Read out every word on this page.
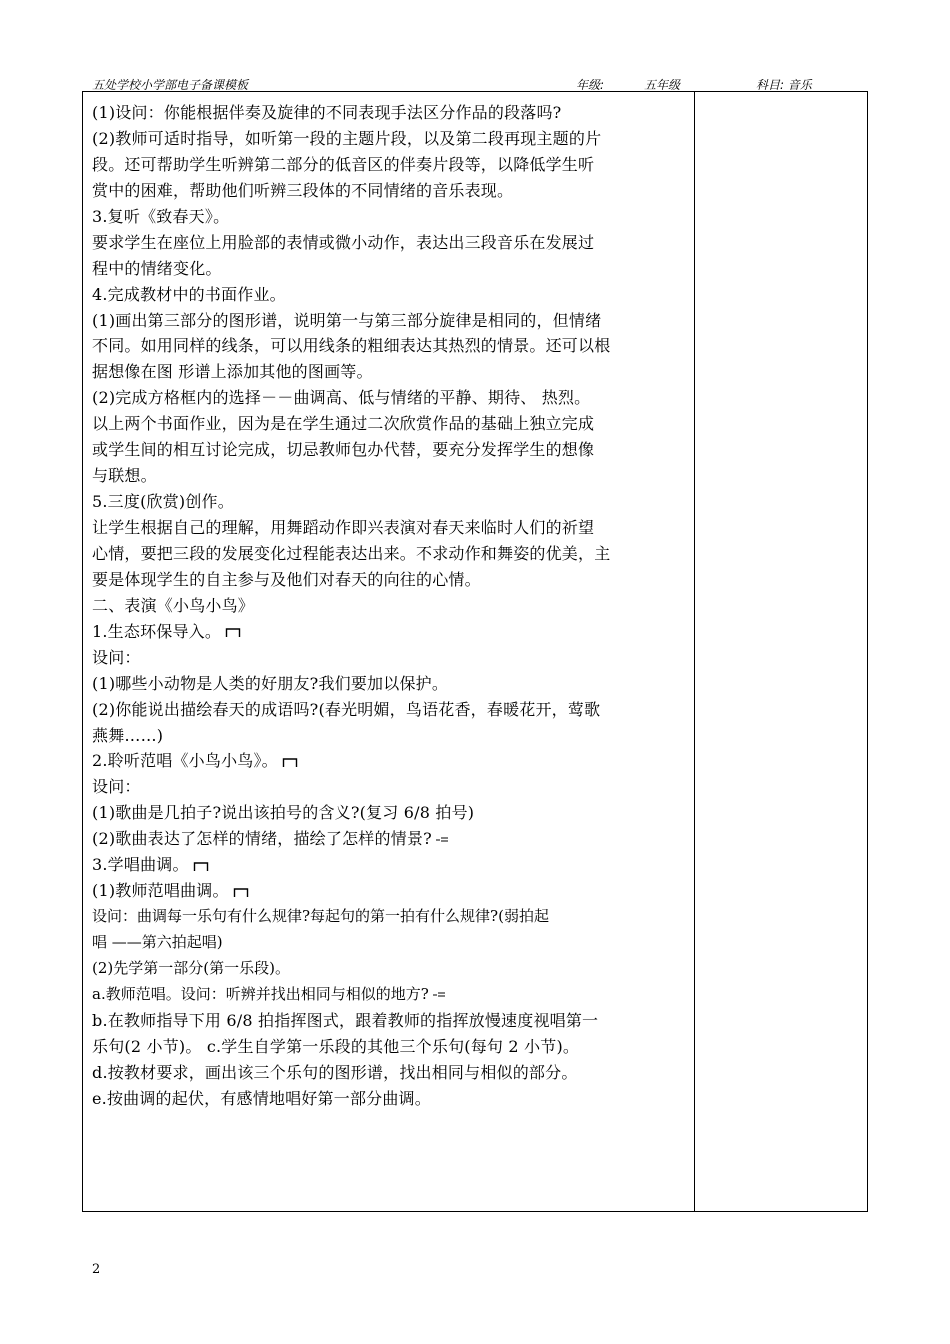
五处学校小学部电子备课模板	年级:	五年级	科目: 音乐
(1)设问：你能根据伴奏及旋律的不同表现手法区分作品的段落吗?
(2)教师可适时指导，如听第一段的主题片段，以及第二段再现主题的片
段。还可帮助学生听辨第二部分的低音区的伴奏片段等，以降低学生听
赏中的困难，帮助他们听辨三段体的不同情绪的音乐表现。
3.复听《致春天》。
要求学生在座位上用脸部的表情或微小动作，表达出三段音乐在发展过
程中的情绪变化。
4.完成教材中的书面作业。
(1)画出第三部分的图形谱，说明第一与第三部分旋律是相同的，但情绪
不同。如用同样的线条，可以用线条的粗细表达其热烈的情景。还可以根
据想像在图 形谱上添加其他的图画等。
(2)完成方格框内的选择－－曲调高、低与情绪的平静、期待、 热烈。
以上两个书面作业，因为是在学生通过二次欣赏作品的基础上独立完成
或学生间的相互讨论完成，切忌教师包办代替，要充分发挥学生的想像
与联想。
5.三度(欣赏)创作。
让学生根据自己的理解，用舞蹈动作即兴表演对春天来临时人们的祈望
心情，要把三段的发展变化过程能表达出来。不求动作和舞姿的优美，主
要是体现学生的自主参与及他们对春天的向往的心情。
二、表演《小鸟小鸟》
1.生态环保导入。
设问：
(1)哪些小动物是人类的好朋友?我们要加以保护。
(2)你能说出描绘春天的成语吗?(春光明媚，鸟语花香，春暖花开，莺歌
燕舞……)
2.聆听范唱《小鸟小鸟》。
设问：
(1)歌曲是几拍子?说出该拍号的含义?(复习 6/8 拍号)
(2)歌曲表达了怎样的情绪，描绘了怎样的情景?
3.学唱曲调。
(1)教师范唱曲调。
设问：曲调每一乐句有什么规律?每起句的第一拍有什么规律?(弱拍起
唱 ——第六拍起唱)
(2)先学第一部分(第一乐段)。
a.教师范唱。设问：听辨并找出相同与相似的地方?
b.在教师指导下用 6/8 拍指挥图式，跟着教师的指挥放慢速度视唱第一
乐句(2 小节)。 c.学生自学第一乐段的其他三个乐句(每句 2 小节)。
d.按教材要求，画出该三个乐句的图形谱，找出相同与相似的部分。
e.按曲调的起伏，有感情地唱好第一部分曲调。
2
